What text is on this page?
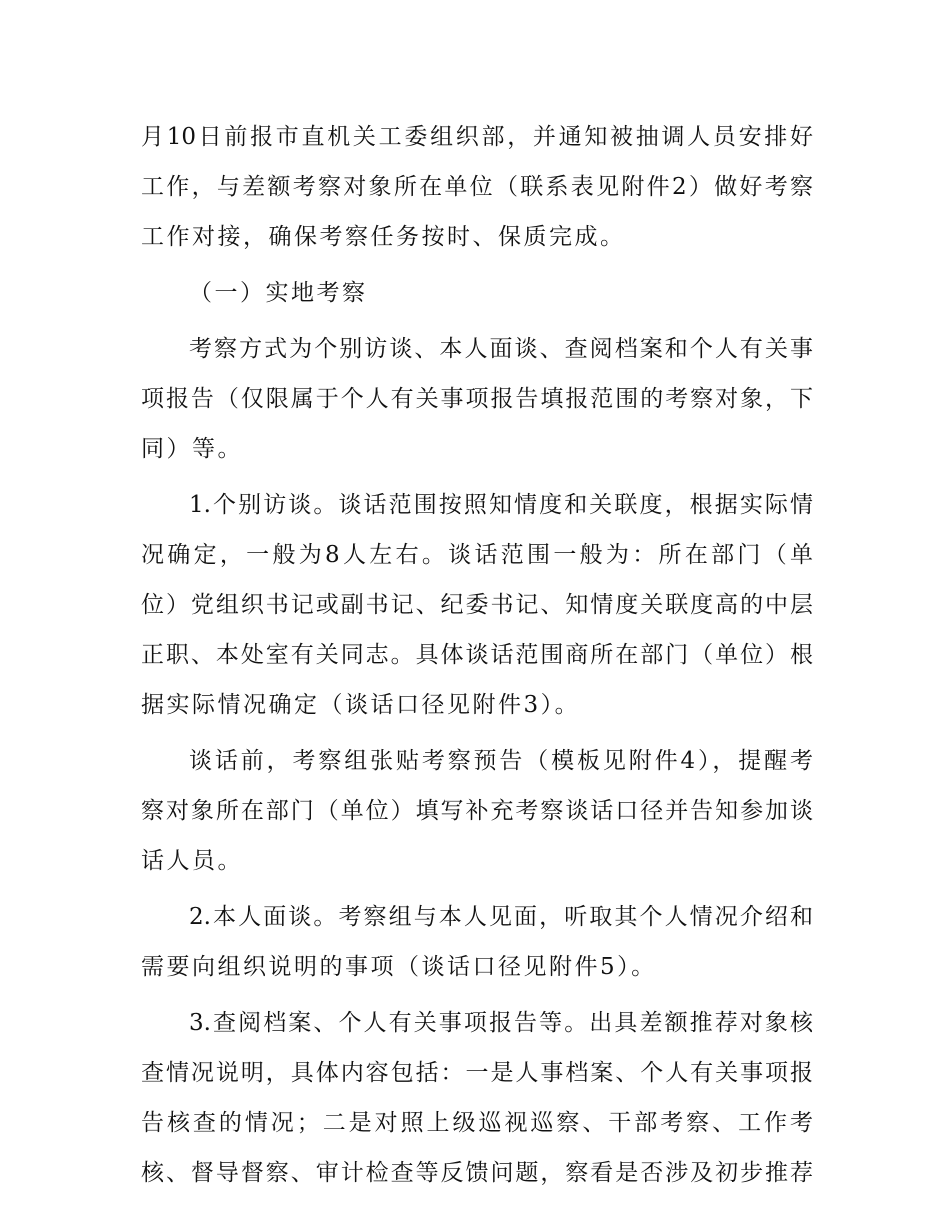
月10日前报市直机关工委组织部，并通知被抽调人员安排好
工作，与差额考察对象所在单位（联系表见附件2）做好考察
工作对接，确保考察任务按时、保质完成。
（一）实地考察
考察方式为个别访谈、本人面谈、查阅档案和个人有关事
项报告（仅限属于个人有关事项报告填报范围的考察对象，下
同）等。
1.个别访谈。谈话范围按照知情度和关联度，根据实际情
况确定，一般为8人左右。谈话范围一般为：所在部门（单
位）党组织书记或副书记、纪委书记、知情度关联度高的中层
正职、本处室有关同志。具体谈话范围商所在部门（单位）根
据实际情况确定（谈话口径见附件3）。
谈话前，考察组张贴考察预告（模板见附件4），提醒考
察对象所在部门（单位）填写补充考察谈话口径并告知参加谈
话人员。
2.本人面谈。考察组与本人见面，听取其个人情况介绍和
需要向组织说明的事项（谈话口径见附件5）。
3.查阅档案、个人有关事项报告等。出具差额推荐对象核
查情况说明，具体内容包括：一是人事档案、个人有关事项报
告核查的情况；二是对照上级巡视巡察、干部考察、工作考
核、督导督察、审计检查等反馈问题，察看是否涉及初步推荐
